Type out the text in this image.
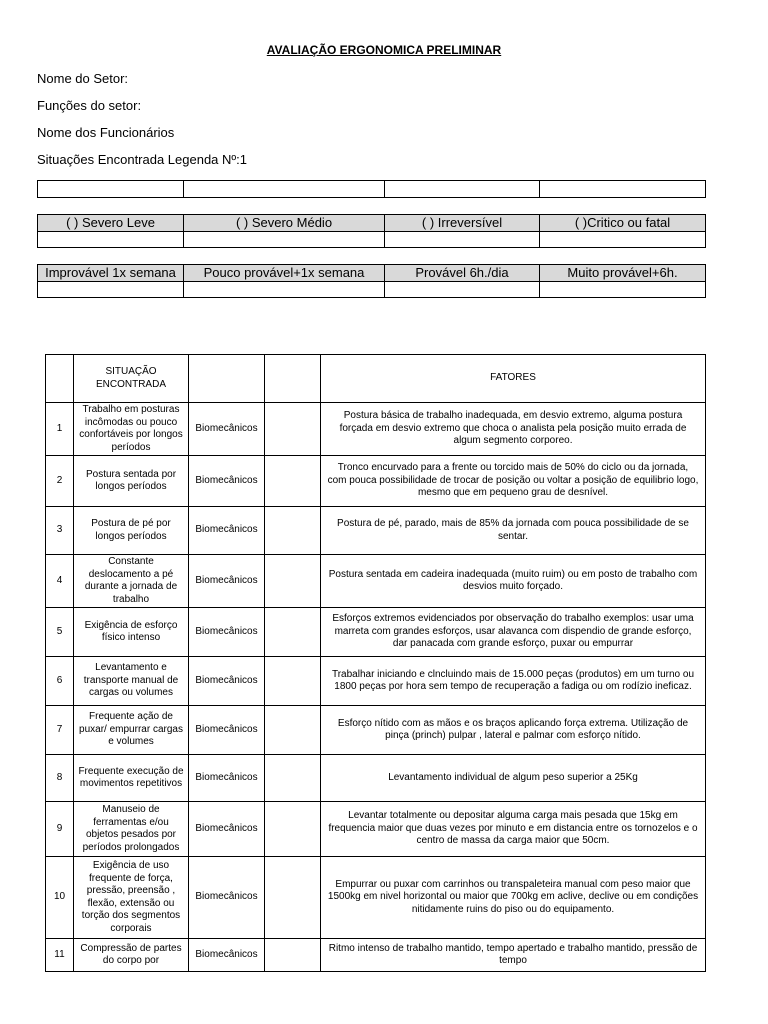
AVALIAÇÃO ERGONOMICA PRELIMINAR
Nome do Setor:
Funções do setor:
Nome dos Funcionários
Situações Encontrada Legenda Nº:1

( ) Severo Leve	( ) Severo Médio	( ) Irreversível	( )Critico ou fatal

Improvável 1x semana	Pouco provável+1x semana	Provável 6h./dia	Muito provável+6h.

	SITUAÇÃO ENCONTRADA			FATORES
1	Trabalho em posturas incômodas ou pouco confortáveis por longos períodos	Biomecânicos		Postura básica de trabalho inadequada, em desvio extremo, alguma postura forçada em desvio extremo que choca o analista pela posição muito errada de algum segmento corporeo.
2	Postura sentada por longos períodos	Biomecânicos		Tronco encurvado para a frente ou torcido mais de 50% do ciclo ou da jornada, com pouca possibilidade de trocar de posição ou voltar a posição de equilibrio logo, mesmo que em pequeno grau de desnível.
3	Postura de pé por longos períodos	Biomecânicos		Postura de pé, parado, mais de 85% da jornada com pouca possibilidade de se sentar.
4	Constante deslocamento a pé durante a jornada de trabalho	Biomecânicos		Postura sentada em cadeira inadequada (muito ruim) ou em posto de trabalho com desvios muito forçado.
5	Exigência de esforço físico intenso	Biomecânicos		Esforços extremos evidenciados por observação do trabalho exemplos: usar uma marreta com grandes esforços, usar alavanca com dispendio de grande esforço, dar panacada com grande esforço, puxar ou empurrar
6	Levantamento e transporte manual de cargas ou volumes	Biomecânicos		Trabalhar iniciando e clncluindo mais de 15.000 peças (produtos) em um turno ou 1800 peças por hora sem tempo de recuperação a fadiga ou om rodízio ineficaz.
7	Frequente ação de puxar/ empurrar cargas e volumes	Biomecânicos		Esforço nítido com as mãos e os braços aplicando força extrema. Utilização de pinça (princh) pulpar , lateral e palmar com esforço nítido.
8	Frequente execução de movimentos repetitivos	Biomecânicos		Levantamento individual de algum peso superior a 25Kg
9	Manuseio de ferramentas e/ou objetos pesados por períodos prolongados	Biomecânicos		Levantar totalmente ou depositar alguma carga mais pesada que 15kg em frequencia maior que duas vezes por minuto e em distancia entre os tornozelos e o centro de massa da carga maior que 50cm.
10	Exigência de uso frequente de força, pressão, preensão , flexão, extensão ou torção dos segmentos corporais	Biomecânicos		Empurrar ou puxar com carrinhos ou transpaleteira manual com peso maior que 1500kg em nivel horizontal ou maior que 700kg em aclive, declive ou em condições nitidamente ruins do piso ou do equipamento.
11	Compressão de partes do corpo por	Biomecânicos		Ritmo intenso de trabalho mantido, tempo apertado e trabalho mantido, pressão de tempo
